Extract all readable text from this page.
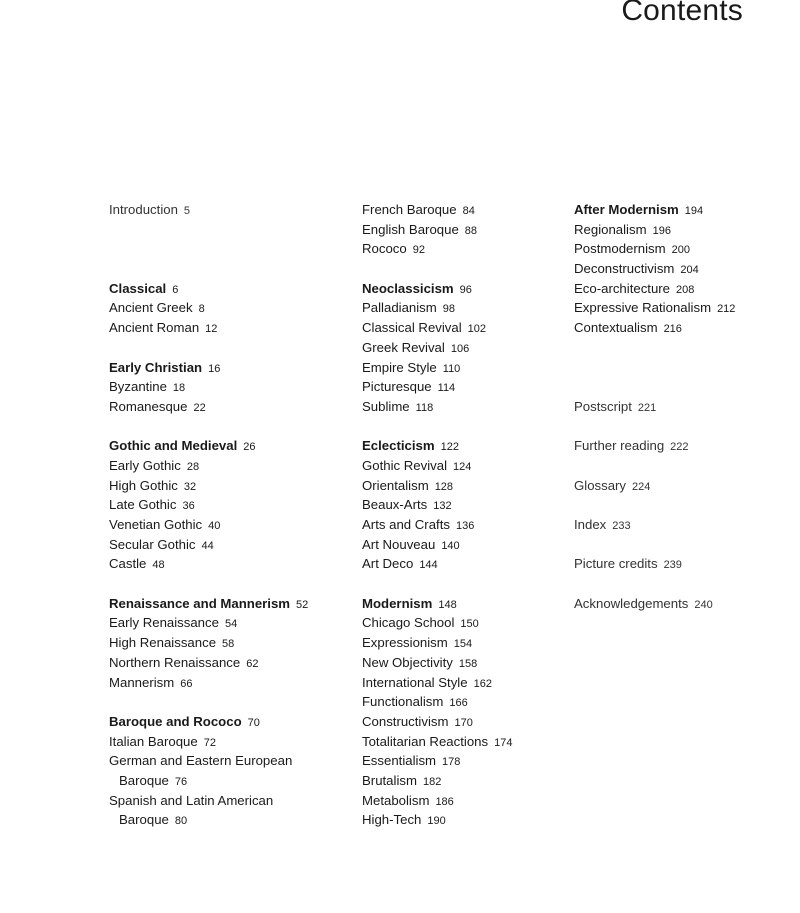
Contents
Introduction 5
Classical 6
Ancient Greek 8
Ancient Roman 12
Early Christian 16
Byzantine 18
Romanesque 22
Gothic and Medieval 26
Early Gothic 28
High Gothic 32
Late Gothic 36
Venetian Gothic 40
Secular Gothic 44
Castle 48
Renaissance and Mannerism 52
Early Renaissance 54
High Renaissance 58
Northern Renaissance 62
Mannerism 66
Baroque and Rococo 70
Italian Baroque 72
German and Eastern European
Baroque 76
Spanish and Latin American
Baroque 80
French Baroque 84
English Baroque 88
Rococo 92
Neoclassicism 96
Palladianism 98
Classical Revival 102
Greek Revival 106
Empire Style 110
Picturesque 114
Sublime 118
Eclecticism 122
Gothic Revival 124
Orientalism 128
Beaux-Arts 132
Arts and Crafts 136
Art Nouveau 140
Art Deco 144
Modernism 148
Chicago School 150
Expressionism 154
New Objectivity 158
International Style 162
Functionalism 166
Constructivism 170
Totalitarian Reactions 174
Essentialism 178
Brutalism 182
Metabolism 186
High-Tech 190
After Modernism 194
Regionalism 196
Postmodernism 200
Deconstructivism 204
Eco-architecture 208
Expressive Rationalism 212
Contextualism 216
Postscript 221
Further reading 222
Glossary 224
Index 233
Picture credits 239
Acknowledgements 240
